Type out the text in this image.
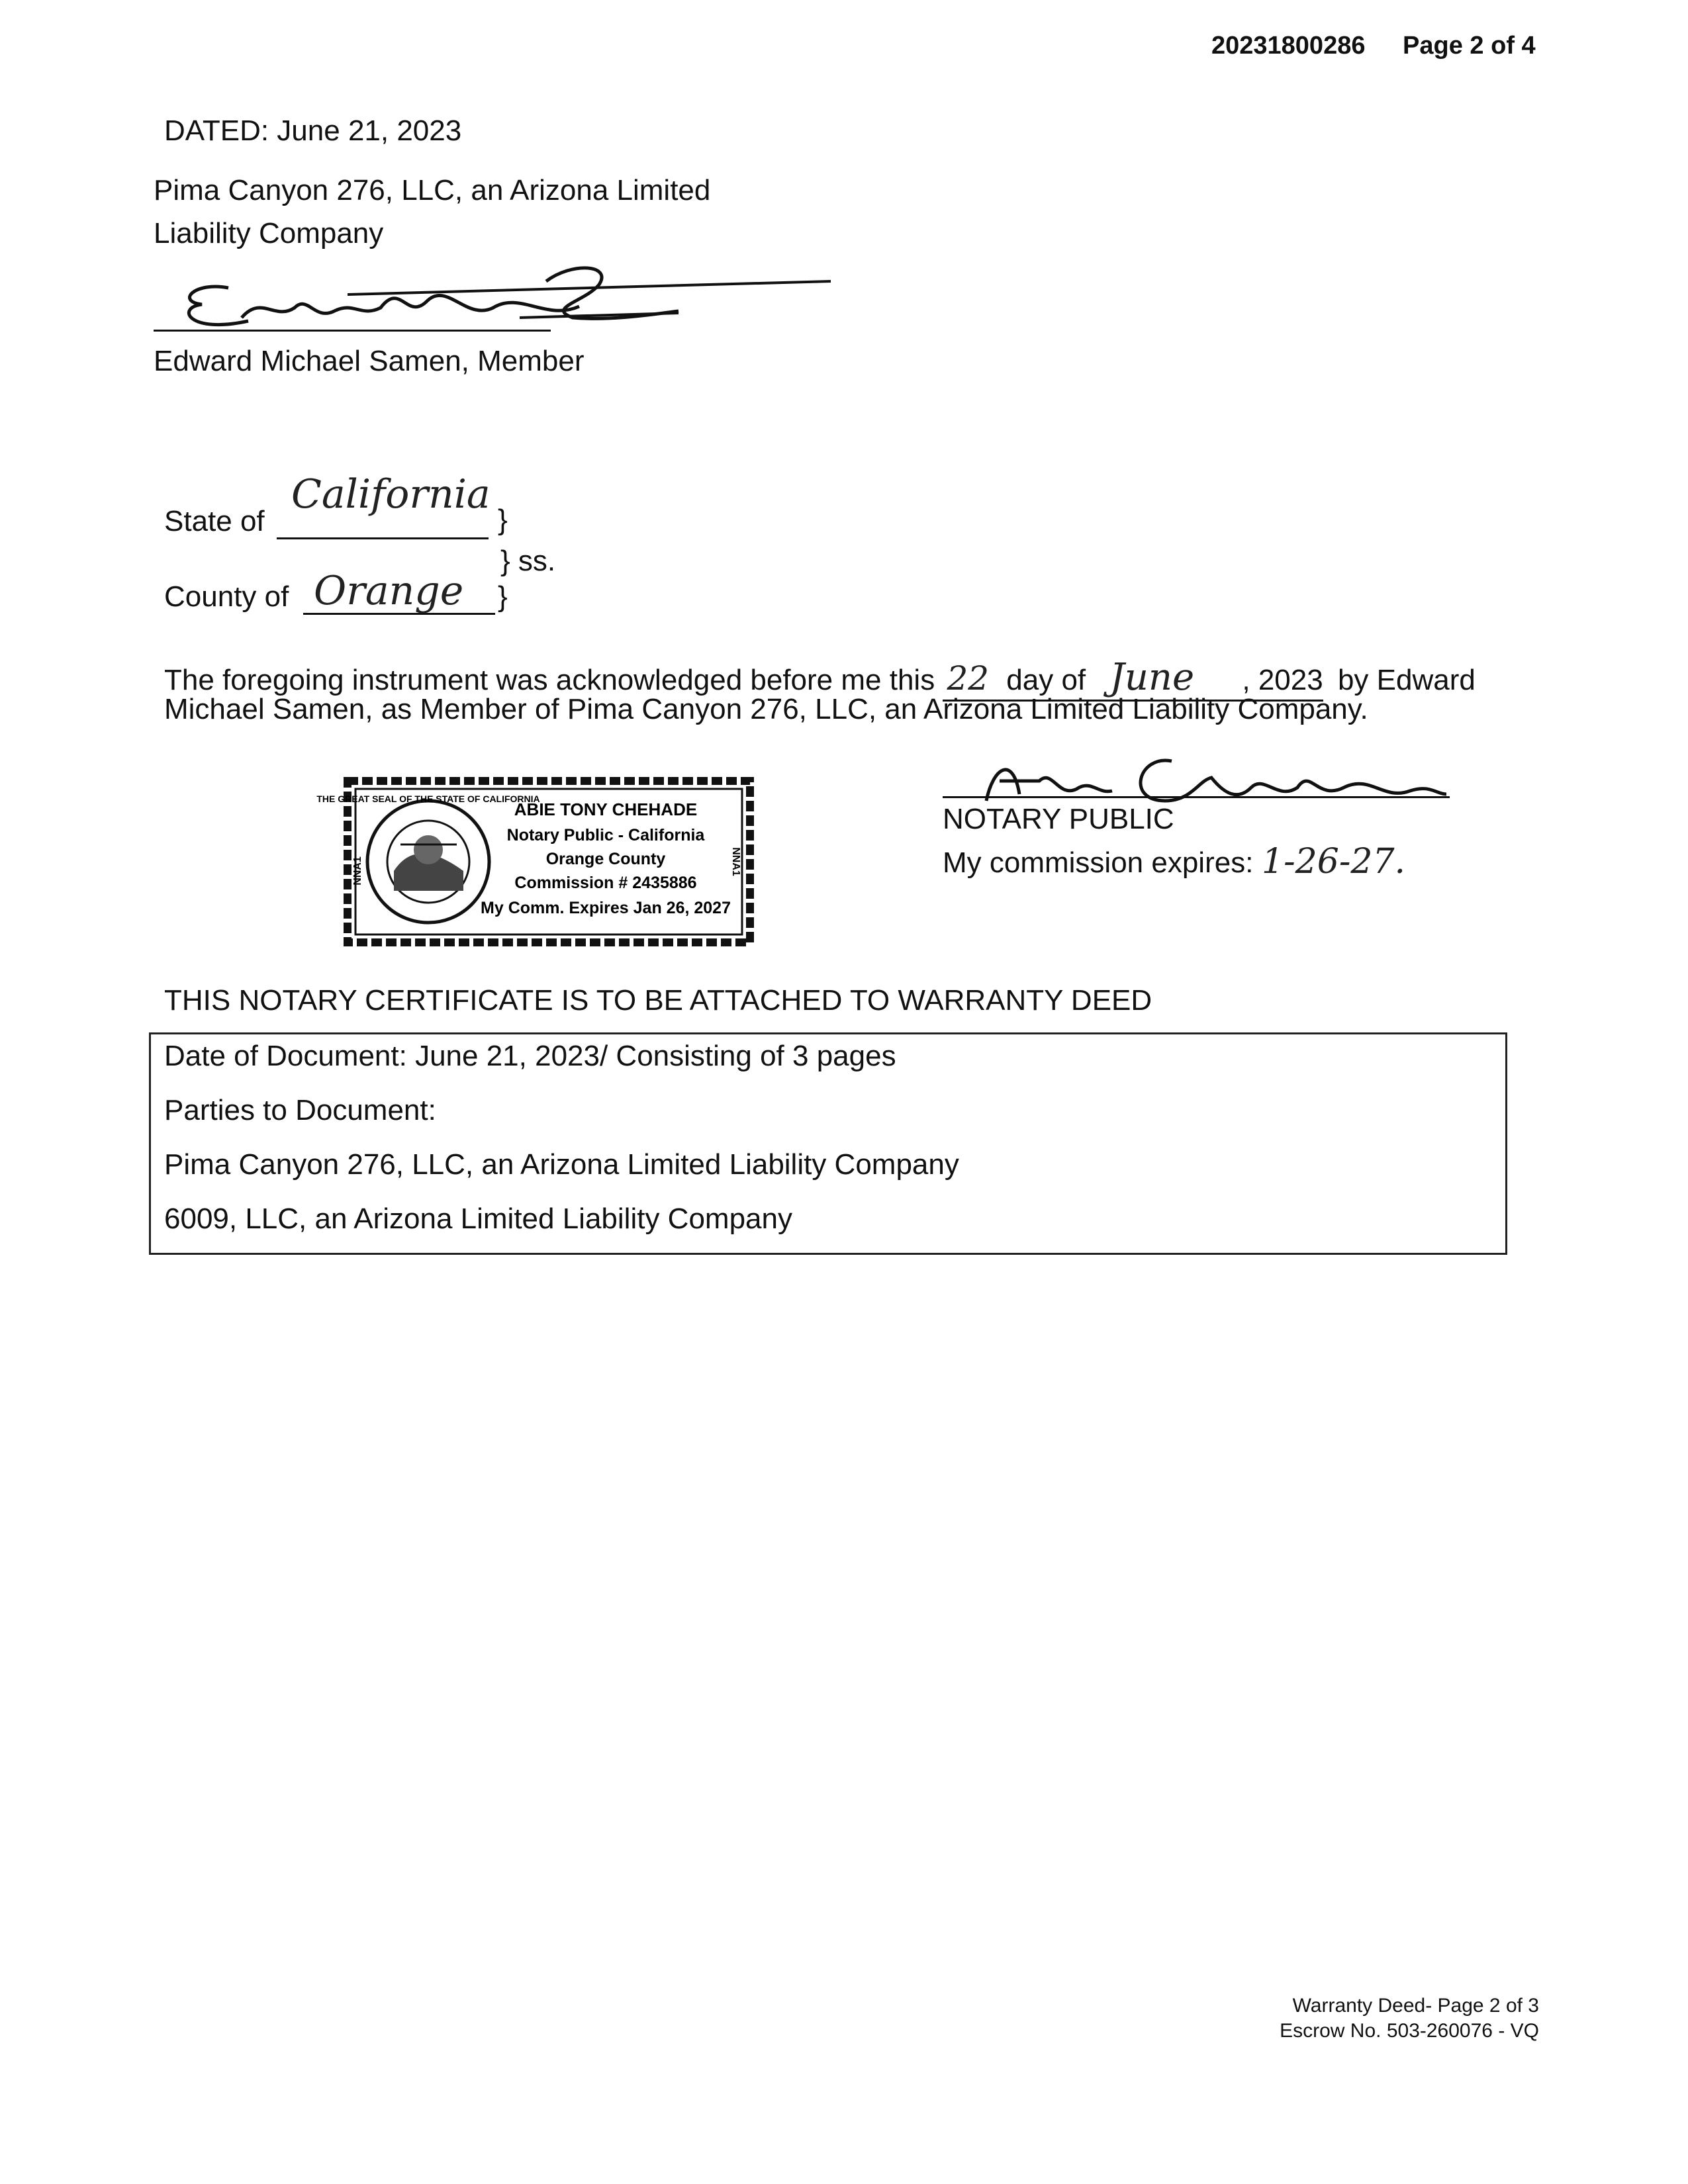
20231800286 Page 2 of 4
DATED: June 21, 2023
Pima Canyon 276, LLC, an Arizona Limited
Liability Company
Edward Michael Samen, Member
State of
California
}
} ss.
County of Orange }
The foregoing instrument was acknowledged before me this 22 day of June , 2023 by Edward
Michael Samen, as Member of Pima Canyon 276, LLC, an Arizona Limited Liability Company.
THE GREAT SEAL OF THE STATE OF CALIFORNIA
NNA1	NNA1
ABIE TONY CHEHADE
Notary Public - California
Orange County
Commission # 2435886
My Comm. Expires Jan 26, 2027
NOTARY PUBLIC
My commission expires: 1-26-27.
THIS NOTARY CERTIFICATE IS TO BE ATTACHED TO WARRANTY DEED
Date of Document: June 21, 2023/ Consisting of 3 pages
Parties to Document:
Pima Canyon 276, LLC, an Arizona Limited Liability Company
6009, LLC, an Arizona Limited Liability Company
Warranty Deed- Page 2 of 3
Escrow No. 503-260076 - VQ
